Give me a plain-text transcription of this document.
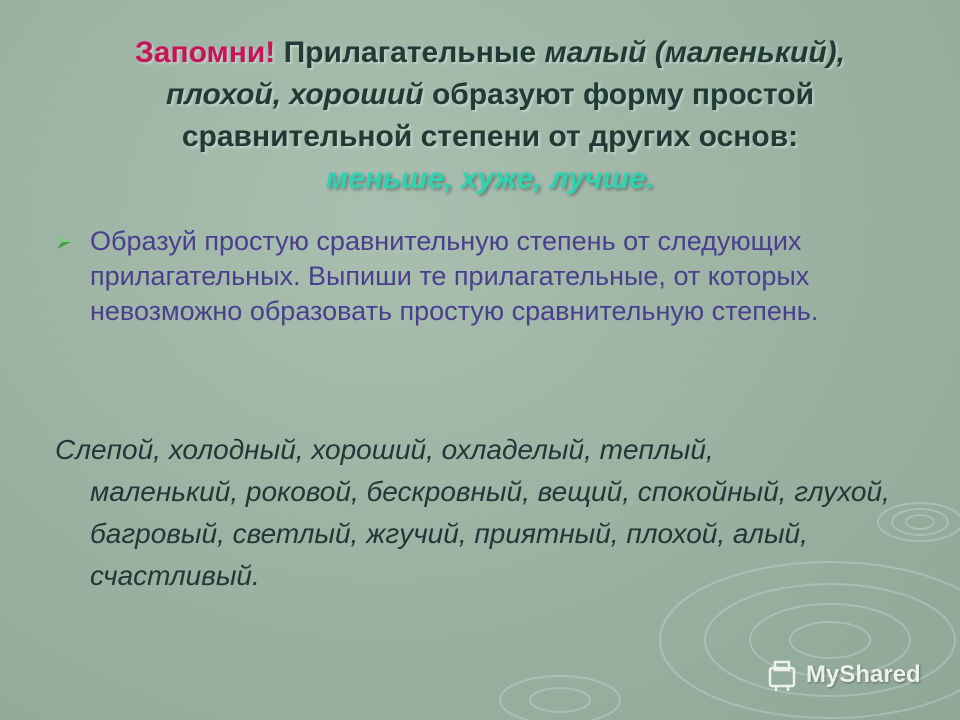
Запомни! Прилагательные малый (маленький),
плохой, хороший образуют форму простой сравнительной степени от других основ:
меньше, хуже, лучше.
Образуй простую сравнительную степень от следующих прилагательных. Выпиши те прилагательные, от которых невозможно образовать простую сравнительную степень.
Слепой, холодный, хороший, охладелый, теплый,
маленький, роковой, бескровный, вещий, спокойный, глухой, багровый, светлый, жгучий, приятный, плохой, алый, счастливый.
MyShared
